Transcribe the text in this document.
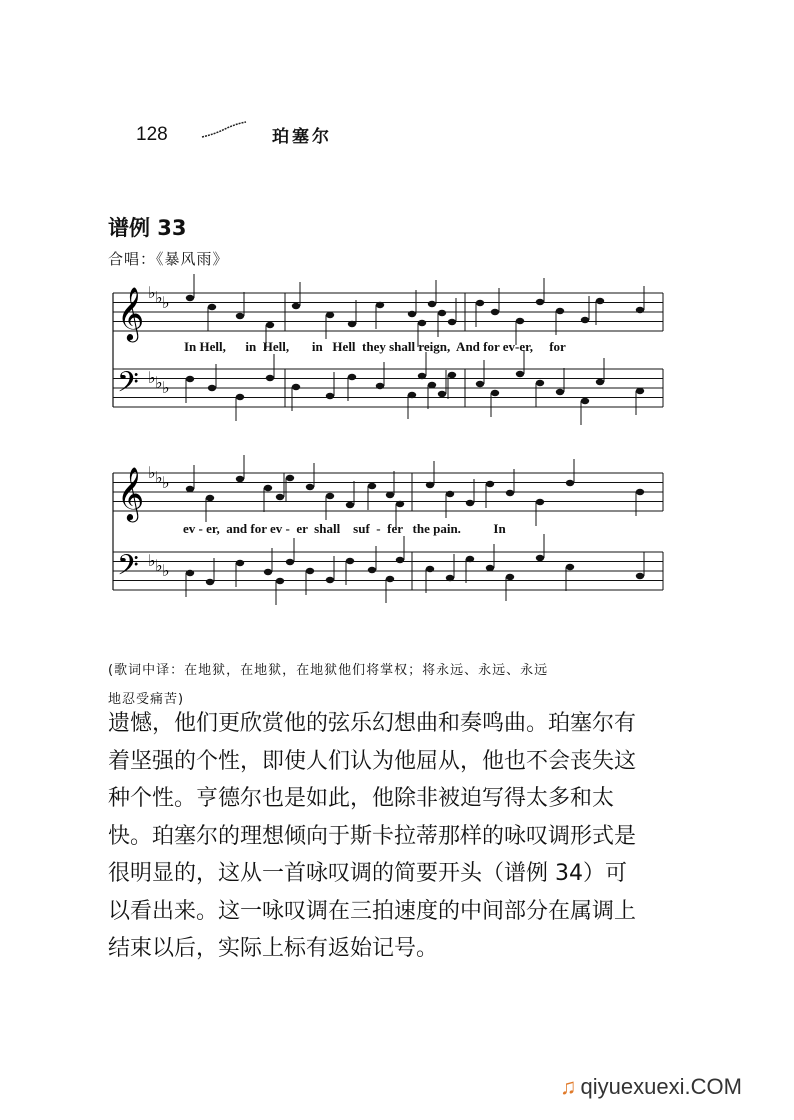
128	珀塞尔
谱例 33
合唱：《暴风雨》
𝄞 ♭ ♭ ♭
𝄢 ♭ ♭ ♭
𝄞 ♭ ♭ ♭
𝄢 ♭ ♭ ♭
In Hell,      in  Hell,       in   Hell  they shall reign,  And for ev-er,     for
ev - er,  and for ev -  er  shall    suf  -  fer   the pain.          In
(歌词中译：在地狱，在地狱，在地狱他们将掌权；将永远、永远、永远
地忍受痛苦)

遗憾，他们更欣赏他的弦乐幻想曲和奏鸣曲。珀塞尔有

着坚强的个性，即使人们认为他屈从，他也不会丧失这

种个性。亨德尔也是如此，他除非被迫写得太多和太

快。珀塞尔的理想倾向于斯卡拉蒂那样的咏叹调形式是

很明显的，这从一首咏叹调的简要开头（谱例 34）可

以看出来。这一咏叹调在三拍速度的中间部分在属调上

结束以后，实际上标有返始记号。

♫ qiyuexuexi.COM
